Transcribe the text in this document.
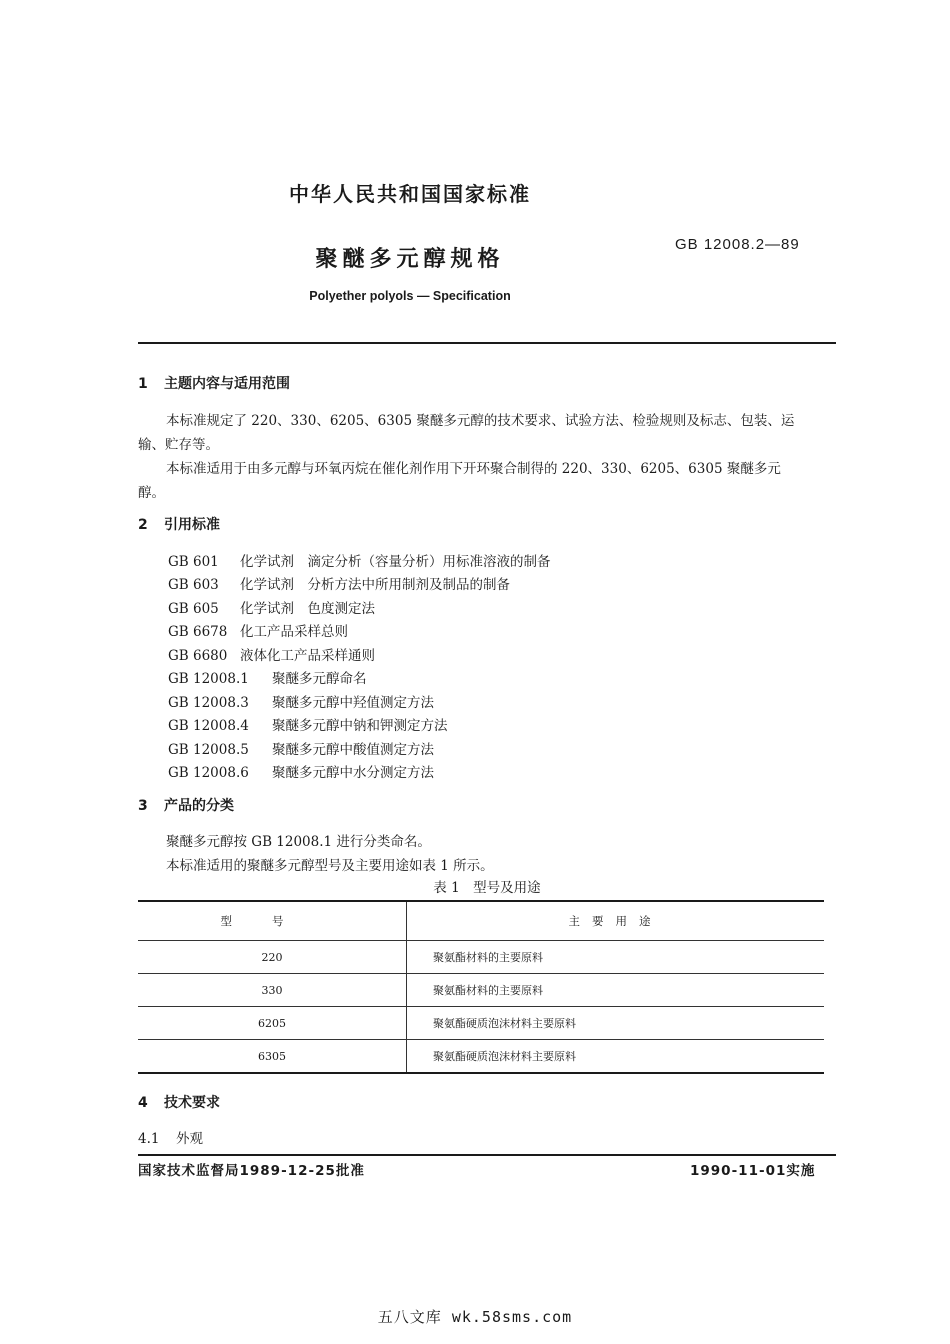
中华人民共和国国家标准
GB 12008.2—89
聚醚多元醇规格
Polyether polyols — Specification
1 主题内容与适用范围
本标准规定了 220、330、6205、6305 聚醚多元醇的技术要求、试验方法、检验规则及标志、包装、运
输、贮存等。
本标准适用于由多元醇与环氧丙烷在催化剂作用下开环聚合制得的 220、330、6205、6305 聚醚多元
醇。
2 引用标准
GB 601 化学试剂　滴定分析（容量分析）用标准溶液的制备
GB 603 化学试剂　分析方法中所用制剂及制品的制备
GB 605 化学试剂　色度测定法
GB 6678 化工产品采样总则
GB 6680 液体化工产品采样通则
GB 12008.1 聚醚多元醇命名
GB 12008.3 聚醚多元醇中羟值测定方法
GB 12008.4 聚醚多元醇中钠和钾测定方法
GB 12008.5 聚醚多元醇中酸值测定方法
GB 12008.6 聚醚多元醇中水分测定方法
3 产品的分类
聚醚多元醇按 GB 12008.1 进行分类命名。
本标准适用的聚醚多元醇型号及主要用途如表 1 所示。
表 1　型号及用途
型号	主要用途
220	聚氨酯材料的主要原料
330	聚氨酯材料的主要原料
6205	聚氨酯硬质泡沫材料主要原料
6305	聚氨酯硬质泡沫材料主要原料
4 技术要求
4.1 外观
国家技术监督局1989-12-25批准	1990-11-01实施
五八文库 wk.58sms.com
